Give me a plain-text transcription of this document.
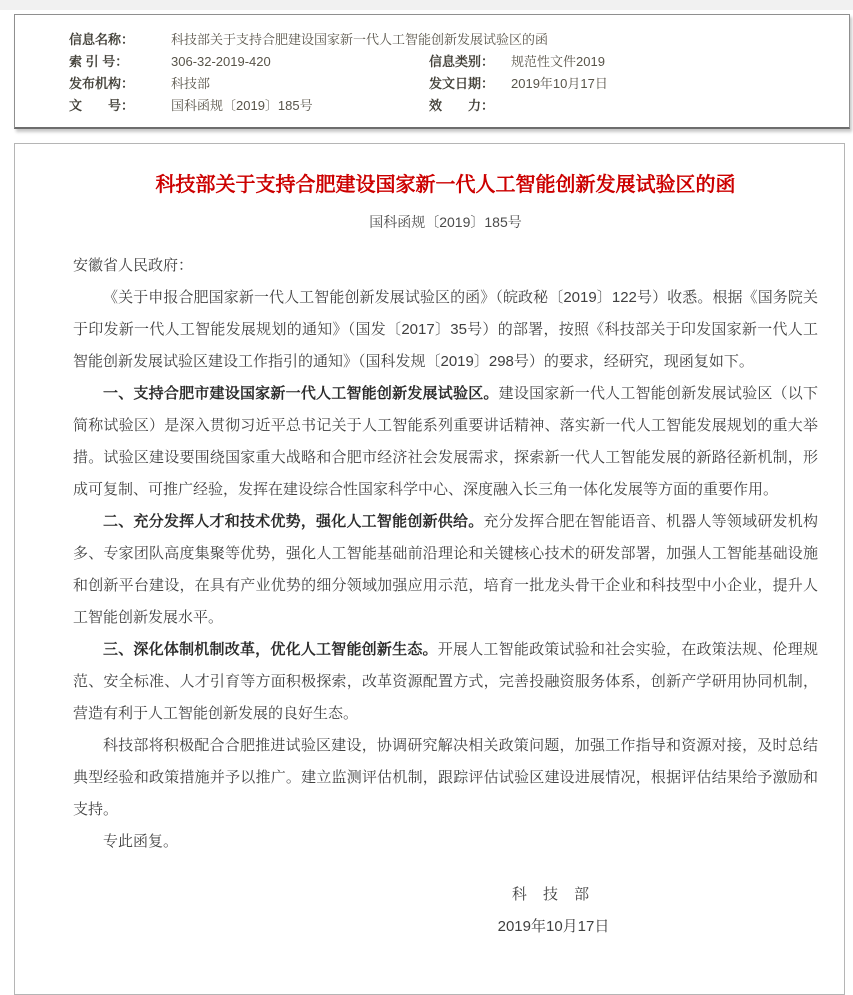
信息名称：	科技部关于支持合肥建设国家新一代人工智能创新发展试验区的函
索 引 号：	306-32-2019-420	信息类别：	规范性文件2019
发布机构：	科技部	发文日期：	2019年10月17日
文　　号：	国科函规〔2019〕185号	效　　力：
科技部关于支持合肥建设国家新一代人工智能创新发展试验区的函
国科函规〔2019〕185号
安徽省人民政府：

《关于申报合肥国家新一代人工智能创新发展试验区的函》（皖政秘〔2019〕122号）收悉。根据《国务院关于印发新一代人工智能发展规划的通知》（国发〔2017〕35号）的部署，按照《科技部关于印发国家新一代人工智能创新发展试验区建设工作指引的通知》（国科发规〔2019〕298号）的要求，经研究，现函复如下。

一、支持合肥市建设国家新一代人工智能创新发展试验区。建设国家新一代人工智能创新发展试验区（以下简称试验区）是深入贯彻习近平总书记关于人工智能系列重要讲话精神、落实新一代人工智能发展规划的重大举措。试验区建设要围绕国家重大战略和合肥市经济社会发展需求，探索新一代人工智能发展的新路径新机制，形成可复制、可推广经验，发挥在建设综合性国家科学中心、深度融入长三角一体化发展等方面的重要作用。

二、充分发挥人才和技术优势，强化人工智能创新供给。充分发挥合肥在智能语音、机器人等领域研发机构多、专家团队高度集聚等优势，强化人工智能基础前沿理论和关键核心技术的研发部署，加强人工智能基础设施和创新平台建设，在具有产业优势的细分领域加强应用示范，培育一批龙头骨干企业和科技型中小企业，提升人工智能创新发展水平。

三、深化体制机制改革，优化人工智能创新生态。开展人工智能政策试验和社会实验，在政策法规、伦理规范、安全标准、人才引育等方面积极探索，改革资源配置方式，完善投融资服务体系，创新产学研用协同机制，营造有利于人工智能创新发展的良好生态。

科技部将积极配合合肥推进试验区建设，协调研究解决相关政策问题，加强工作指导和资源对接，及时总结典型经验和政策措施并予以推广。建立监测评估机制，跟踪评估试验区建设进展情况，根据评估结果给予激励和支持。

专此函复。
科 技 部
2019年10月17日
